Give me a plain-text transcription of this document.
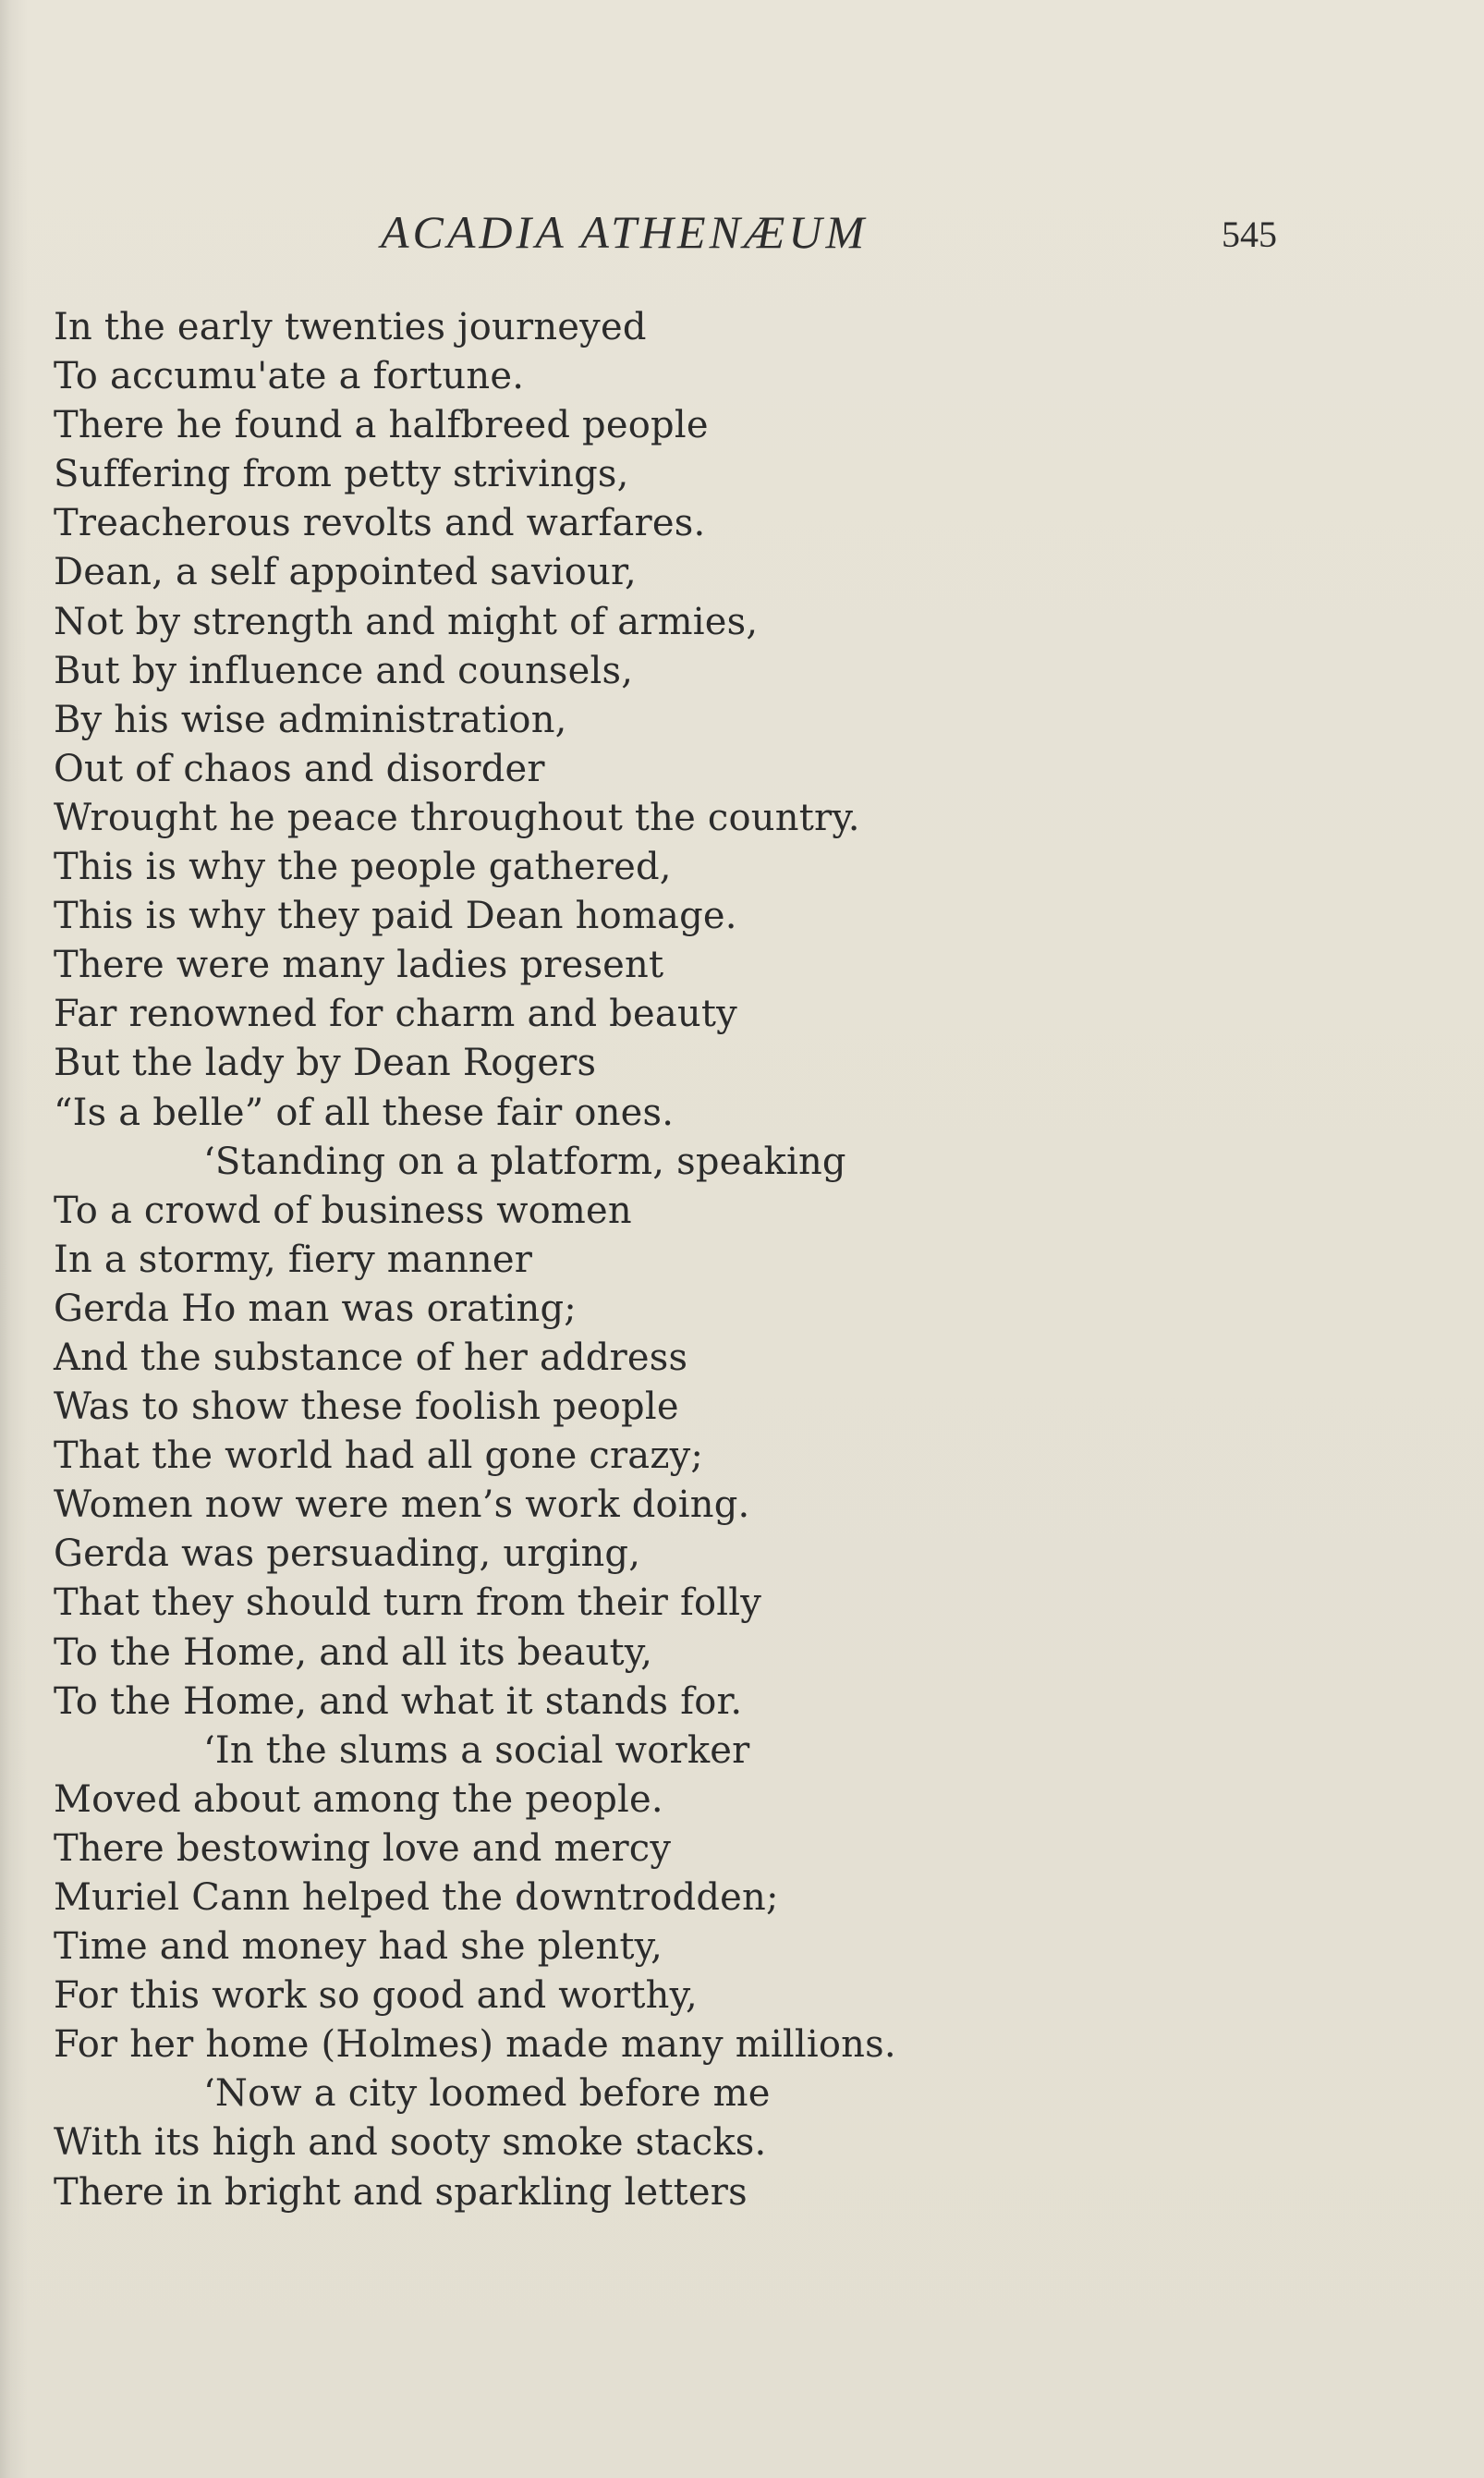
ACADIA ATHENÆUM	545
In the early twenties journeyed
To accumu'ate a fortune.
There he found a halfbreed people
Suffering from petty strivings,
Treacherous revolts and warfares.
Dean, a self appointed saviour,
Not by strength and might of armies,
But by influence and counsels,
By his wise administration,
Out of chaos and disorder
Wrought he peace throughout the country.
This is why the people gathered,
This is why they paid Dean homage.
There were many ladies present
Far renowned for charm and beauty
But the lady by Dean Rogers
“Is a belle” of all these fair ones.
‘Standing on a platform, speaking
To a crowd of business women
In a stormy, fiery manner
Gerda Ho man was orating;
And the substance of her address
Was to show these foolish people
That the world had all gone crazy;
Women now were men’s work doing.
Gerda was persuading, urging,
That they should turn from their folly
To the Home, and all its beauty,
To the Home, and what it stands for.
‘In the slums a social worker
Moved about among the people.
There bestowing love and mercy
Muriel Cann helped the downtrodden;
Time and money had she plenty,
For this work so good and worthy,
For her home (Holmes) made many millions.
‘Now a city loomed before me
With its high and sooty smoke stacks.
There in bright and sparkling letters
